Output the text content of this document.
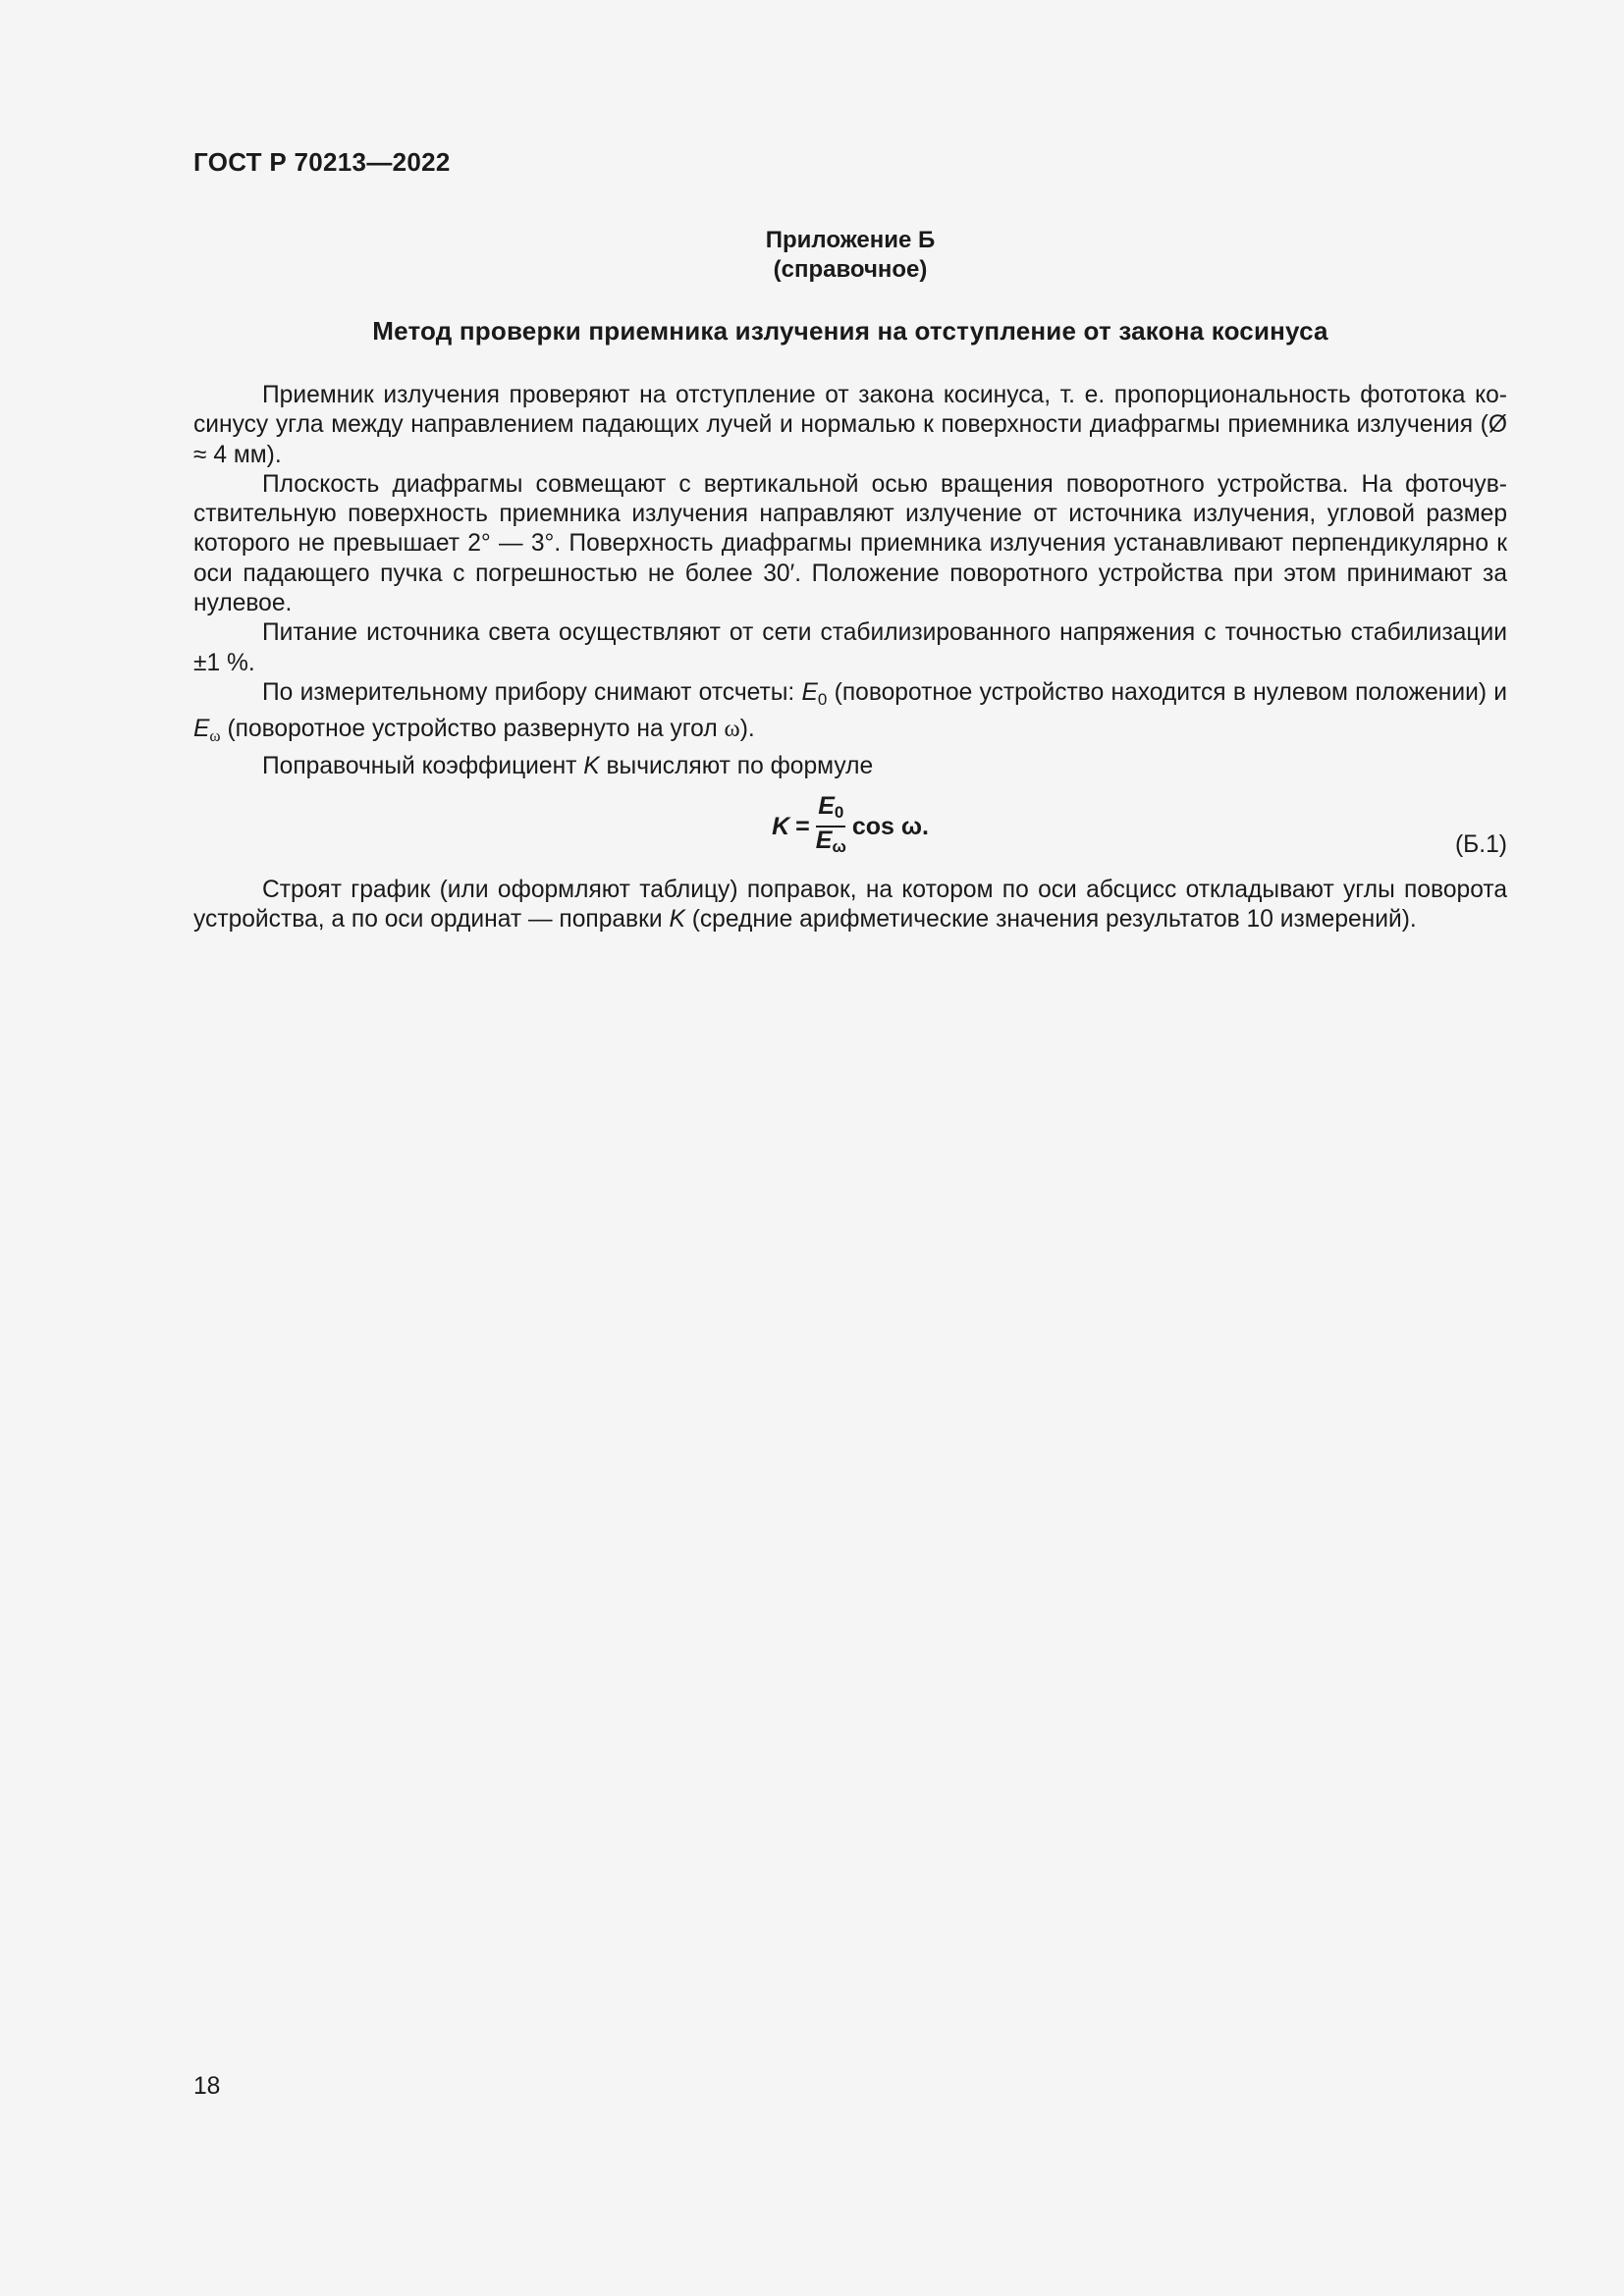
ГОСТ Р 70213—2022
Приложение Б
(справочное)
Метод проверки приемника излучения на отступление от закона косинуса

Приемник излучения проверяют на отступление от закона косинуса, т. е. пропорциональность фототока косинусу угла между направлением падающих лучей и нормалью к поверхности диафрагмы приемника излучения (Ø ≈ 4 мм).

Плоскость диафрагмы совмещают с вертикальной осью вращения поворотного устройства. На фоточувствительную поверхность приемника излучения направляют излучение от источника излучения, угловой размер которого не превышает 2° — 3°. Поверхность диафрагмы приемника излучения устанавливают перпендикулярно к оси падающего пучка с погрешностью не более 30′. Положение поворотного устройства при этом принимают за нулевое.

Питание источника света осуществляют от сети стабилизированного напряжения с точностью стабилизации ±1 %.

По измерительному прибору снимают отсчеты: $E_0$ (поворотное устройство находится в нулевом положении) и $E_\omega$ (поворотное устройство развернуто на угол ω).

Поправочный коэффициент K вычисляют по формуле

$K = \frac{E_0}{E_\omega}$ cos ω.
(Б.1)

Строят график (или оформляют таблицу) поправок, на котором по оси абсцисс откладывают углы поворота устройства, а по оси ординат — поправки K (средние арифметические значения результатов 10 измерений).

18
